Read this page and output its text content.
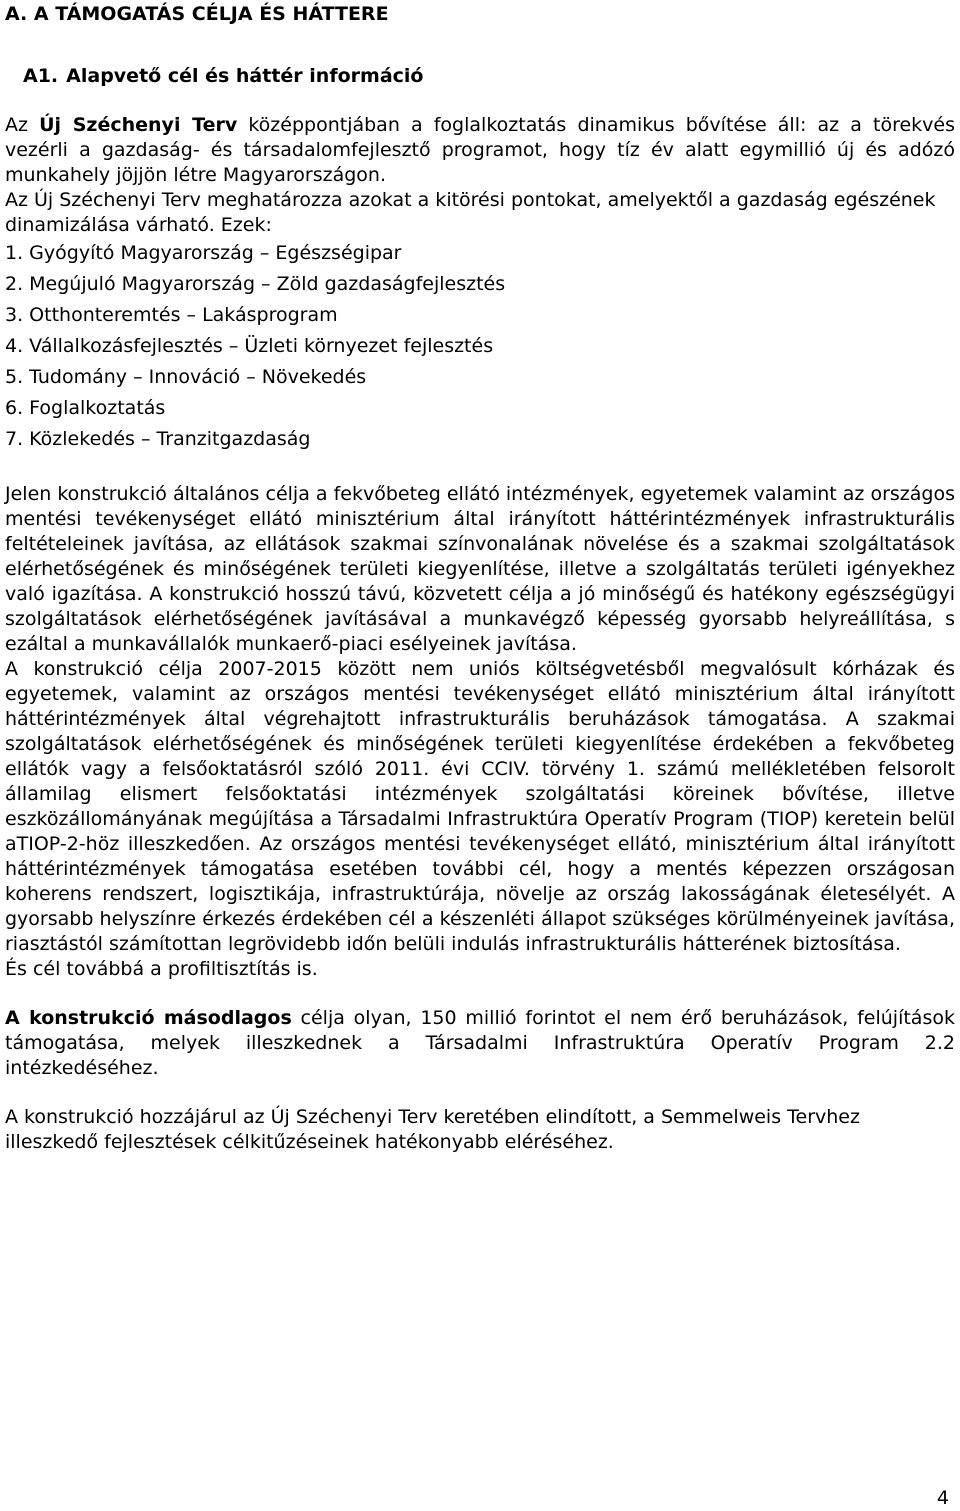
A. A TÁMOGATÁS CÉLJA ÉS HÁTTERE
A1. Alapvető cél és háttér információ

Az Új Széchenyi Terv középpontjában a foglalkoztatás dinamikus bővítése áll: az a törekvés vezérli a gazdaság- és társadalomfejlesztő programot, hogy tíz év alatt egymillió új és adózó munkahely jöjjön létre Magyarországon.

Az Új Széchenyi Terv meghatározza azokat a kitörési pontokat, amelyektől a gazdaság egészének dinamizálása várható. Ezek:

1. Gyógyító Magyarország – Egészségipar
2. Megújuló Magyarország – Zöld gazdaságfejlesztés
3. Otthonteremtés – Lakásprogram
4. Vállalkozásfejlesztés – Üzleti környezet fejlesztés
5. Tudomány – Innováció – Növekedés
6. Foglalkoztatás
7. Közlekedés – Tranzitgazdaság

Jelen konstrukció általános célja a fekvőbeteg ellátó intézmények, egyetemek valamint az országos mentési tevékenységet ellátó minisztérium által irányított háttérintézmények infrastrukturális feltételeinek javítása, az ellátások szakmai színvonalának növelése és a szakmai szolgáltatások elérhetőségének és minőségének területi kiegyenlítése, illetve a szolgáltatás területi igényekhez való igazítása. A konstrukció hosszú távú, közvetett célja a jó minőségű és hatékony egészségügyi szolgáltatások elérhetőségének javításával a munkavégző képesség gyorsabb helyreállítása, s ezáltal a munkavállalók munkaerő-piaci esélyeinek javítása.

A konstrukció célja 2007-2015 között nem uniós költségvetésből megvalósult kórházak és egyetemek, valamint az országos mentési tevékenységet ellátó minisztérium által irányított háttérintézmények által végrehajtott infrastrukturális beruházások támogatása. A szakmai szolgáltatások elérhetőségének és minőségének területi kiegyenlítése érdekében a fekvőbeteg ellátók vagy a felsőoktatásról szóló 2011. évi CCIV. törvény 1. számú mellékletében felsorolt államilag elismert felsőoktatási intézmények szolgáltatási köreinek bővítése, illetve eszközállományának megújítása a Társadalmi Infrastruktúra Operatív Program (TIOP) keretein belül aTIOP-2-höz illeszkedően. Az országos mentési tevékenységet ellátó, minisztérium által irányított háttérintézmények támogatása esetében további cél, hogy a mentés képezzen országosan koherens rendszert, logisztikája, infrastruktúrája, növelje az ország lakosságának életesélyét. A gyorsabb helyszínre érkezés érdekében cél a készenléti állapot szükséges körülményeinek javítása, riasztástól számítottan legrövidebb időn belüli indulás infrastrukturális hátterének biztosítása.

És cél továbbá a profiltisztítás is.

A konstrukció másodlagos célja olyan, 150 millió forintot el nem érő beruházások, felújítások támogatása, melyek illeszkednek a Társadalmi Infrastruktúra Operatív Program 2.2 intézkedéséhez.

A konstrukció hozzájárul az Új Széchenyi Terv keretében elindított, a Semmelweis Tervhez illeszkedő fejlesztések célkitűzéseinek hatékonyabb eléréséhez.

4
